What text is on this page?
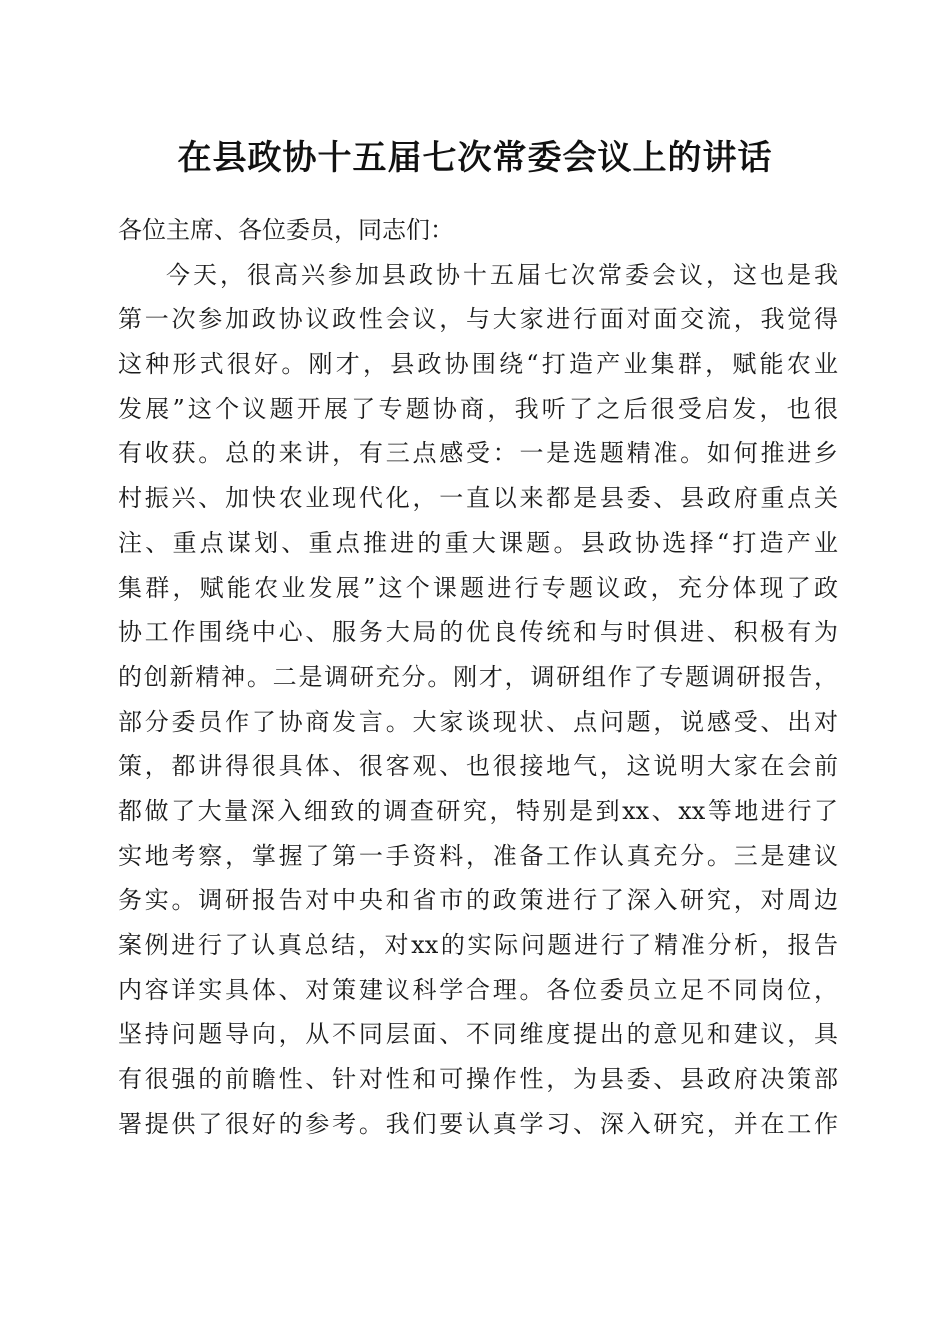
在县政协十五届七次常委会议上的讲话
各位主席、各位委员，同志们：
今天，很高兴参加县政协十五届七次常委会议，这也是我
第一次参加政协议政性会议，与大家进行面对面交流，我觉得
这种形式很好。刚才，县政协围绕“打造产业集群，赋能农业
发展”这个议题开展了专题协商，我听了之后很受启发，也很
有收获。总的来讲，有三点感受：一是选题精准。如何推进乡
村振兴、加快农业现代化，一直以来都是县委、县政府重点关
注、重点谋划、重点推进的重大课题。县政协选择“打造产业
集群，赋能农业发展”这个课题进行专题议政，充分体现了政
协工作围绕中心、服务大局的优良传统和与时俱进、积极有为
的创新精神。二是调研充分。刚才，调研组作了专题调研报告，
部分委员作了协商发言。大家谈现状、点问题，说感受、出对
策，都讲得很具体、很客观、也很接地气，这说明大家在会前
都做了大量深入细致的调查研究，特别是到xx、xx等地进行了
实地考察，掌握了第一手资料，准备工作认真充分。三是建议
务实。调研报告对中央和省市的政策进行了深入研究，对周边
案例进行了认真总结，对xx的实际问题进行了精准分析，报告
内容详实具体、对策建议科学合理。各位委员立足不同岗位，
坚持问题导向，从不同层面、不同维度提出的意见和建议，具
有很强的前瞻性、针对性和可操作性，为县委、县政府决策部
署提供了很好的参考。我们要认真学习、深入研究，并在工作
